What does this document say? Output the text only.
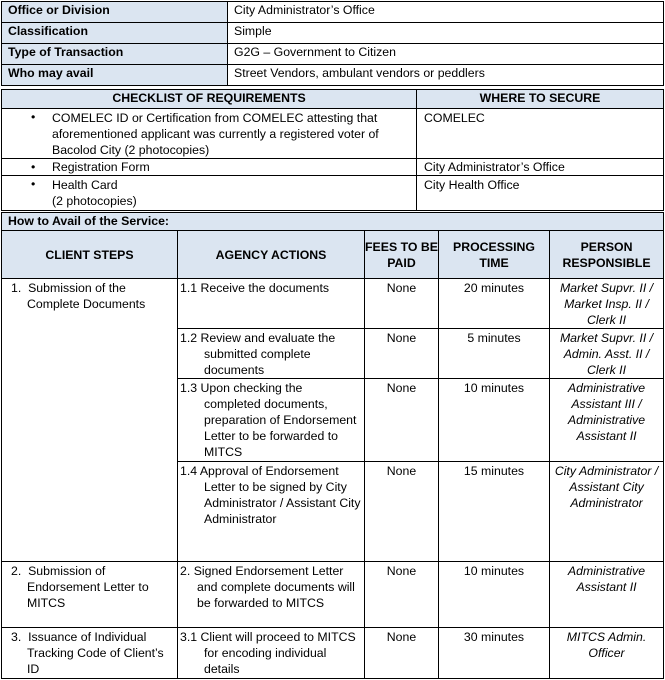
Office or Division	City Administrator’s Office
Classification	Simple
Type of Transaction	G2G – Government to Citizen
Who may avail	Street Vendors, ambulant vendors or peddlers
CHECKLIST OF REQUIREMENTS	WHERE TO SECURE

• COMELEC ID or Certification from COMELEC attesting that aforementioned applicant was currently a registered voter of Bacolod City (2 photocopies)	COMELEC

• Registration Form	City Administrator’s Office

• Health Card
(2 photocopies)	City Health Office
How to Avail of the Service:				
CLIENT STEPS	AGENCY ACTIONS	FEES TO BE PAID	PROCESSING TIME	PERSON RESPONSIBLE

1. Submission of the Complete Documents	1.1 Receive the documents	None	20 minutes	Market Supvr. II / Market Insp. II / Clerk II

	1.2 Review and evaluate the submitted complete documents	None	5 minutes	Market Supvr. II / Admin. Asst. II / Clerk II

	1.3 Upon checking the completed documents, preparation of Endorsement Letter to be forwarded to MITCS	None	10 minutes	Administrative Assistant III / Administrative Assistant II

	1.4 Approval of Endorsement Letter to be signed by City Administrator / Assistant City Administrator	None	15 minutes	City Administrator / Assistant City Administrator

2. Submission of Endorsement Letter to MITCS	2. Signed Endorsement Letter and complete documents will be forwarded to MITCS	None	10 minutes	Administrative Assistant II

3. Issuance of Individual Tracking Code of Client’s ID	3.1 Client will proceed to MITCS for encoding individual details	None	30 minutes	MITCS Admin. Officer
